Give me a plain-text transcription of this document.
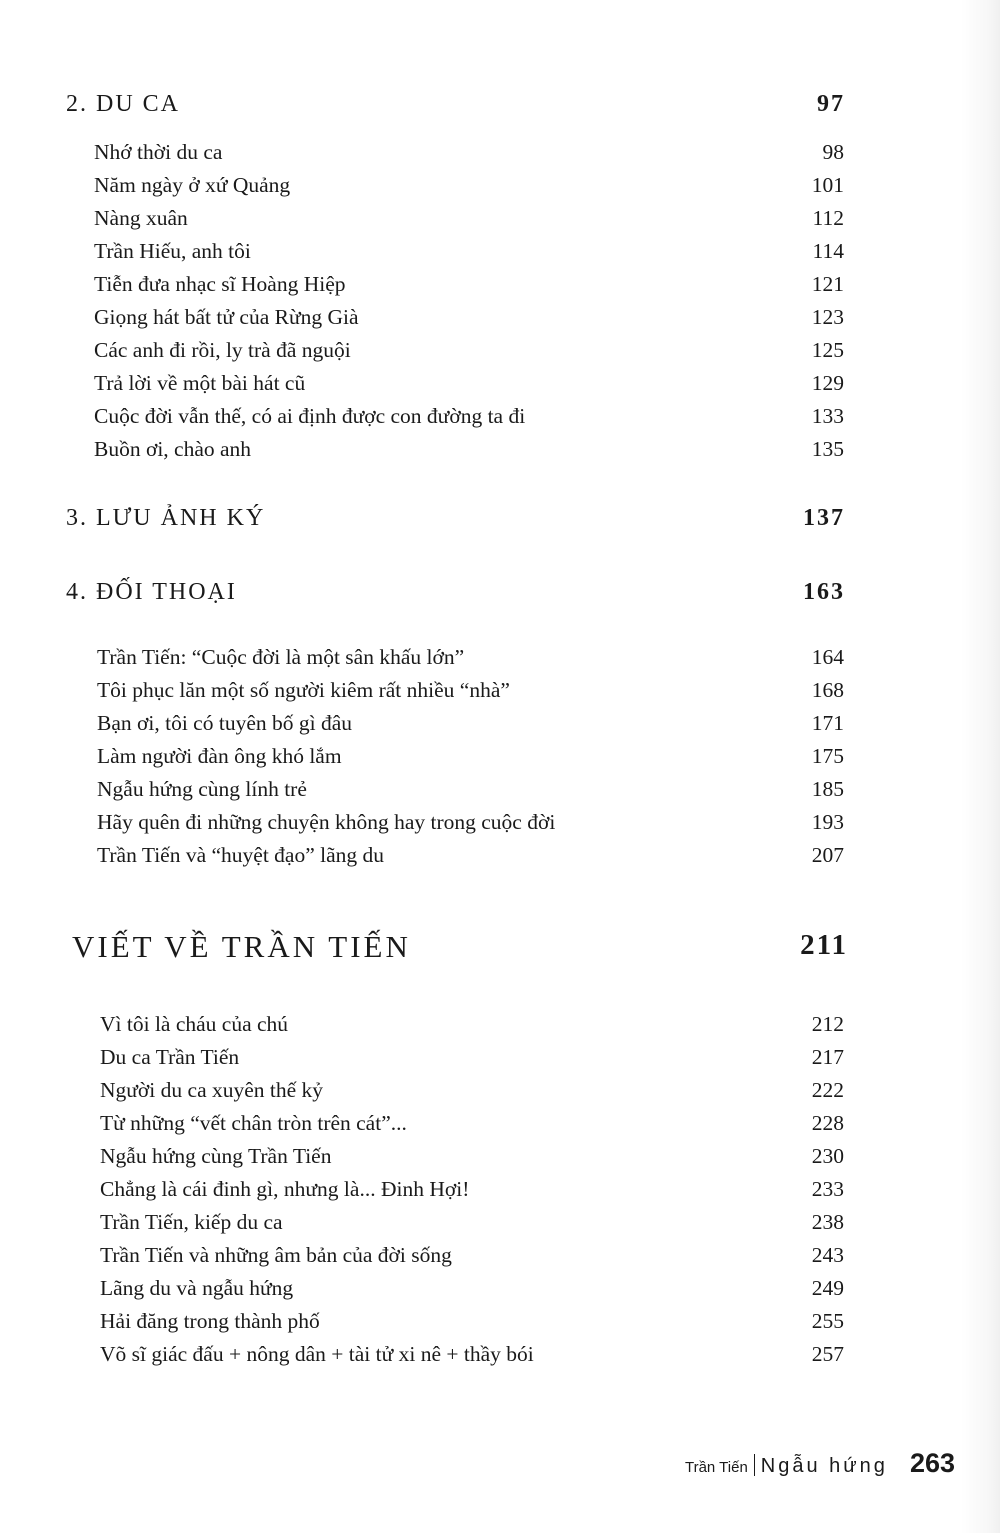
2. DU CA	97
Nhớ thời du ca	98
Năm ngày ở xứ Quảng	101
Nàng xuân	112
Trần Hiếu, anh tôi	114
Tiễn đưa nhạc sĩ Hoàng Hiệp	121
Giọng hát bất tử của Rừng Già	123
Các anh đi rồi, ly trà đã nguội	125
Trả lời về một bài hát cũ	129
Cuộc đời vẫn thế, có ai định được con đường ta đi	133
Buồn ơi, chào anh	135
3. LƯU ẢNH KÝ	137
4. ĐỐI THOẠI	163
Trần Tiến: “Cuộc đời là một sân khấu lớn”	164
Tôi phục lăn một số người kiêm rất nhiều “nhà”	168
Bạn ơi, tôi có tuyên bố gì đâu	171
Làm người đàn ông khó lắm	175
Ngẫu hứng cùng lính trẻ	185
Hãy quên đi những chuyện không hay trong cuộc đời	193
Trần Tiến và “huyệt đạo” lãng du	207
VIẾT VỀ TRẦN TIẾN	211
Vì tôi là cháu của chú	212
Du ca Trần Tiến	217
Người du ca xuyên thế kỷ	222
Từ những “vết chân tròn trên cát”...	228
Ngẫu hứng cùng Trần Tiến	230
Chẳng là cái đinh gì, nhưng là... Đinh Hợi!	233
Trần Tiến, kiếp du ca	238
Trần Tiến và những âm bản của đời sống	243
Lãng du và ngẫu hứng	249
Hải đăng trong thành phố	255
Võ sĩ giác đấu + nông dân + tài tử xi nê + thầy bói	257
Trần Tiến Ngẫu hứng 263
